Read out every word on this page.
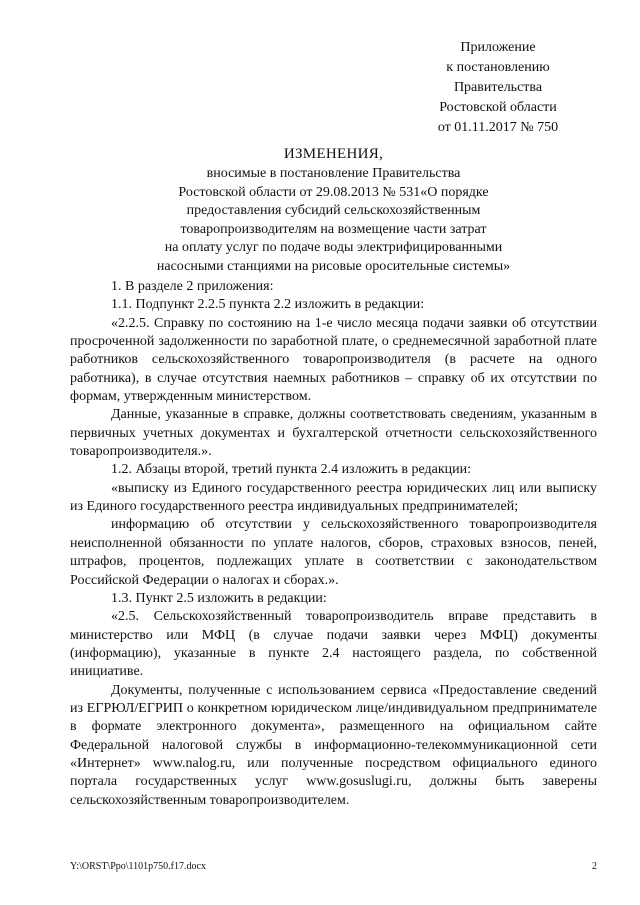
Приложение
к постановлению
Правительства
Ростовской области
от 01.11.2017 № 750
ИЗМЕНЕНИЯ,
вносимые в постановление Правительства
Ростовской области от 29.08.2013 № 531«О порядке
предоставления субсидий сельскохозяйственным
товаропроизводителям на возмещение части затрат
на оплату услуг по подаче воды электрифицированными
насосными станциями на рисовые оросительные системы»

1. В разделе 2 приложения:

1.1. Подпункт 2.2.5 пункта 2.2 изложить в редакции:

«2.2.5. Справку по состоянию на 1-е число месяца подачи заявки об отсутствии просроченной задолженности по заработной плате, о среднемесячной заработной плате работников сельскохозяйственного товаропроизводителя (в расчете на одного работника), в случае отсутствия наемных работников – справку об их отсутствии по формам, утвержденным министерством.

Данные, указанные в справке, должны соответствовать сведениям, указанным в первичных учетных документах и бухгалтерской отчетности сельскохозяйственного товаропроизводителя.».

1.2. Абзацы второй, третий пункта 2.4 изложить в редакции:

«выписку из Единого государственного реестра юридических лиц или выписку из Единого государственного реестра индивидуальных предпринимателей;

информацию об отсутствии у сельскохозяйственного товаропроизводителя неисполненной обязанности по уплате налогов, сборов, страховых взносов, пеней, штрафов, процентов, подлежащих уплате в соответствии с законодательством Российской Федерации о налогах и сборах.».

1.3. Пункт 2.5 изложить в редакции:

«2.5. Сельскохозяйственный товаропроизводитель вправе представить в министерство или МФЦ (в случае подачи заявки через МФЦ) документы (информацию), указанные в пункте 2.4 настоящего раздела, по собственной инициативе.

Документы, полученные с использованием сервиса «Предоставление сведений из ЕГРЮЛ/ЕГРИП о конкретном юридическом лице/индивидуальном предпринимателе в формате электронного документа», размещенного на официальном сайте Федеральной налоговой службы в информационно-телекоммуникационной сети «Интернет» www.nalog.ru, или полученные посредством официального единого портала государственных услуг www.gosuslugi.ru, должны быть заверены сельскохозяйственным товаропроизводителем.

Y:\ORST\Ppo\1101p750.f17.docx	2
